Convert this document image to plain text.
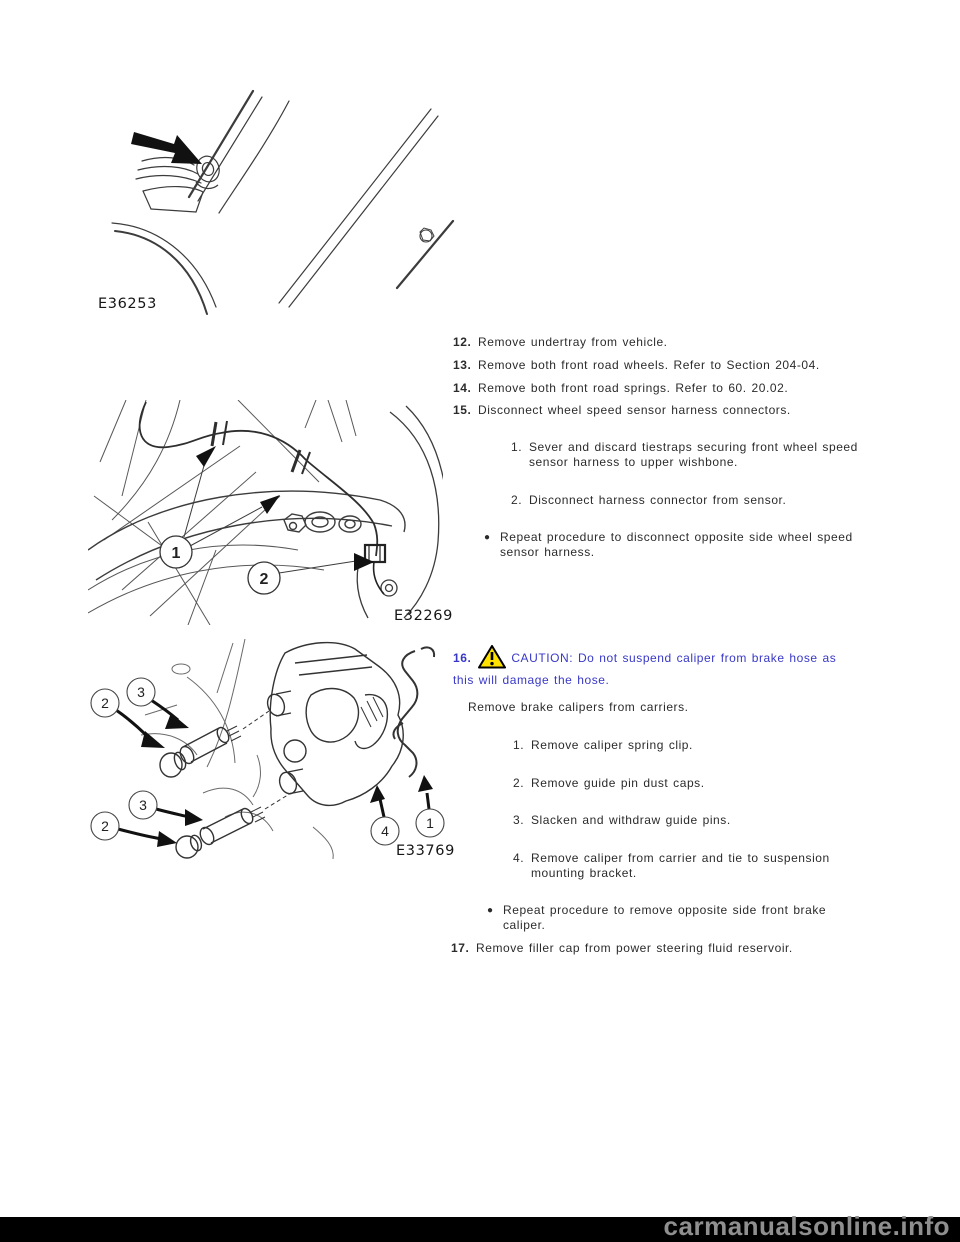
E36253
1
2
E32269
2
3
3
2	4	1
E33769
12. Remove undertray from vehicle.
13. Remove both front road wheels. Refer to Section 204-04.
14. Remove both front road springs. Refer to 60. 20.02.
15. Disconnect wheel speed sensor harness connectors.
1. Sever and discard tiestraps securing front wheel speed sensor harness to upper wishbone.
2. Disconnect harness connector from sensor.
● Repeat procedure to disconnect opposite side wheel speed sensor harness.
16.	CAUTION: Do not suspend caliper from brake hose as this will damage the hose.
Remove brake calipers from carriers.
1. Remove caliper spring clip.
2. Remove guide pin dust caps.
3. Slacken and withdraw guide pins.
4. Remove caliper from carrier and tie to suspension mounting bracket.
● Repeat procedure to remove opposite side front brake caliper.
17. Remove filler cap from power steering fluid reservoir.
carmanualsonline.info
